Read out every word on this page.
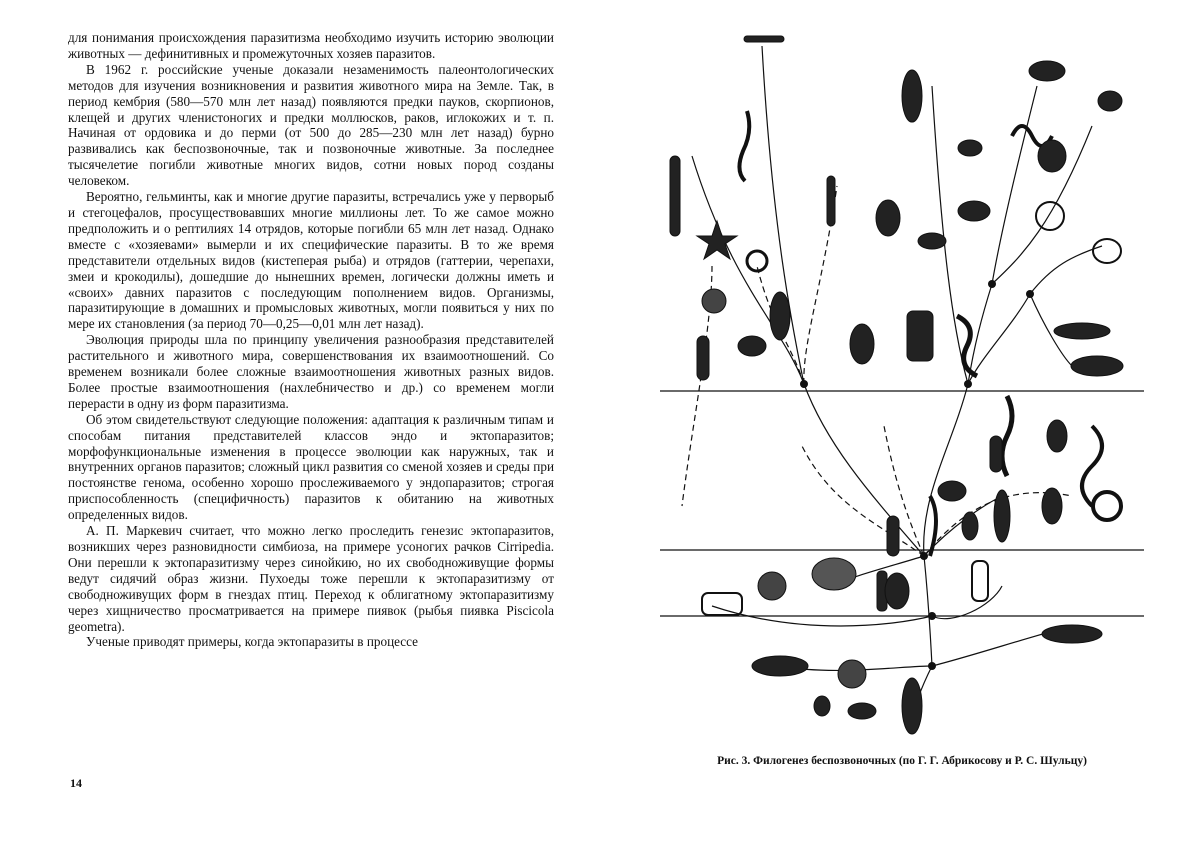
для понимания происхождения паразитизма необходимо изучить историю эволюции животных — дефинитивных и промежуточных хозяев паразитов.

В 1962 г. российские ученые доказали незаменимость палеонтологических методов для изучения возникновения и развития животного мира на Земле. Так, в период кембрия (580—570 млн лет назад) появляются предки пауков, скорпионов, клещей и других членистоногих и предки моллюсков, раков, иглокожих и т. п. Начиная от ордовика и до перми (от 500 до 285—230 млн лет назад) бурно развивались как беспозвоночные, так и позвоночные животные. За последнее тысячелетие погибли животные многих видов, сотни новых пород созданы человеком.

Вероятно, гельминты, как и многие другие паразиты, встречались уже у перворыб и стегоцефалов, просуществовавших многие миллионы лет. То же самое можно предположить и о рептилиях 14 отрядов, которые погибли 65 млн лет назад. Однако вместе с «хозяевами» вымерли и их специфические паразиты. В то же время представители отдельных видов (кистеперая рыба) и отрядов (гаттерии, черепахи, змеи и крокодилы), дошедшие до нынешних времен, логически должны иметь и «своих» давних паразитов с последующим пополнением видов. Организмы, паразитирующие в домашних и промысловых животных, могли появиться у них по мере их становления (за период 70—0,25—0,01 млн лет назад).

Эволюция природы шла по принципу увеличения разнообразия представителей растительного и животного мира, совершенствования их взаимоотношений. Со временем возникали более сложные взаимоотношения животных разных видов. Более простые взаимоотношения (нахлебничество и др.) со временем могли перерасти в одну из форм паразитизма.

Об этом свидетельствуют следующие положения: адаптация к различным типам и способам питания представителей классов эндо и эктопаразитов; морфофункциональные изменения в процессе эволюции как наружных, так и внутренних органов паразитов; сложный цикл развития со сменой хозяев и среды при постоянстве генома, особенно хорошо прослеживаемого у эндопаразитов; строгая приспособленность (специфичность) паразитов к обитанию на животных определенных видов.

А. П. Маркевич считает, что можно легко проследить генезис эктопаразитов, возникших через разновидности симбиоза, на примере усоногих рачков Cirripedia. Они перешли к эктопаразитизму через синойкию, но их свободноживущие формы ведут сидячий образ жизни. Пухоеды тоже перешли к эктопаразитизму от свободноживущих форм в гнездах птиц. Переход к облигатному эктопаразитизму через хищничество просматривается на примере пиявок (рыбья пиявка Piscicola geometra).

Ученые приводят примеры, когда эктопаразиты в процессе

14
Рис. 3. Филогенез беспозвоночных (по Г. Г. Абрикосову и Р. С. Шульцу)
